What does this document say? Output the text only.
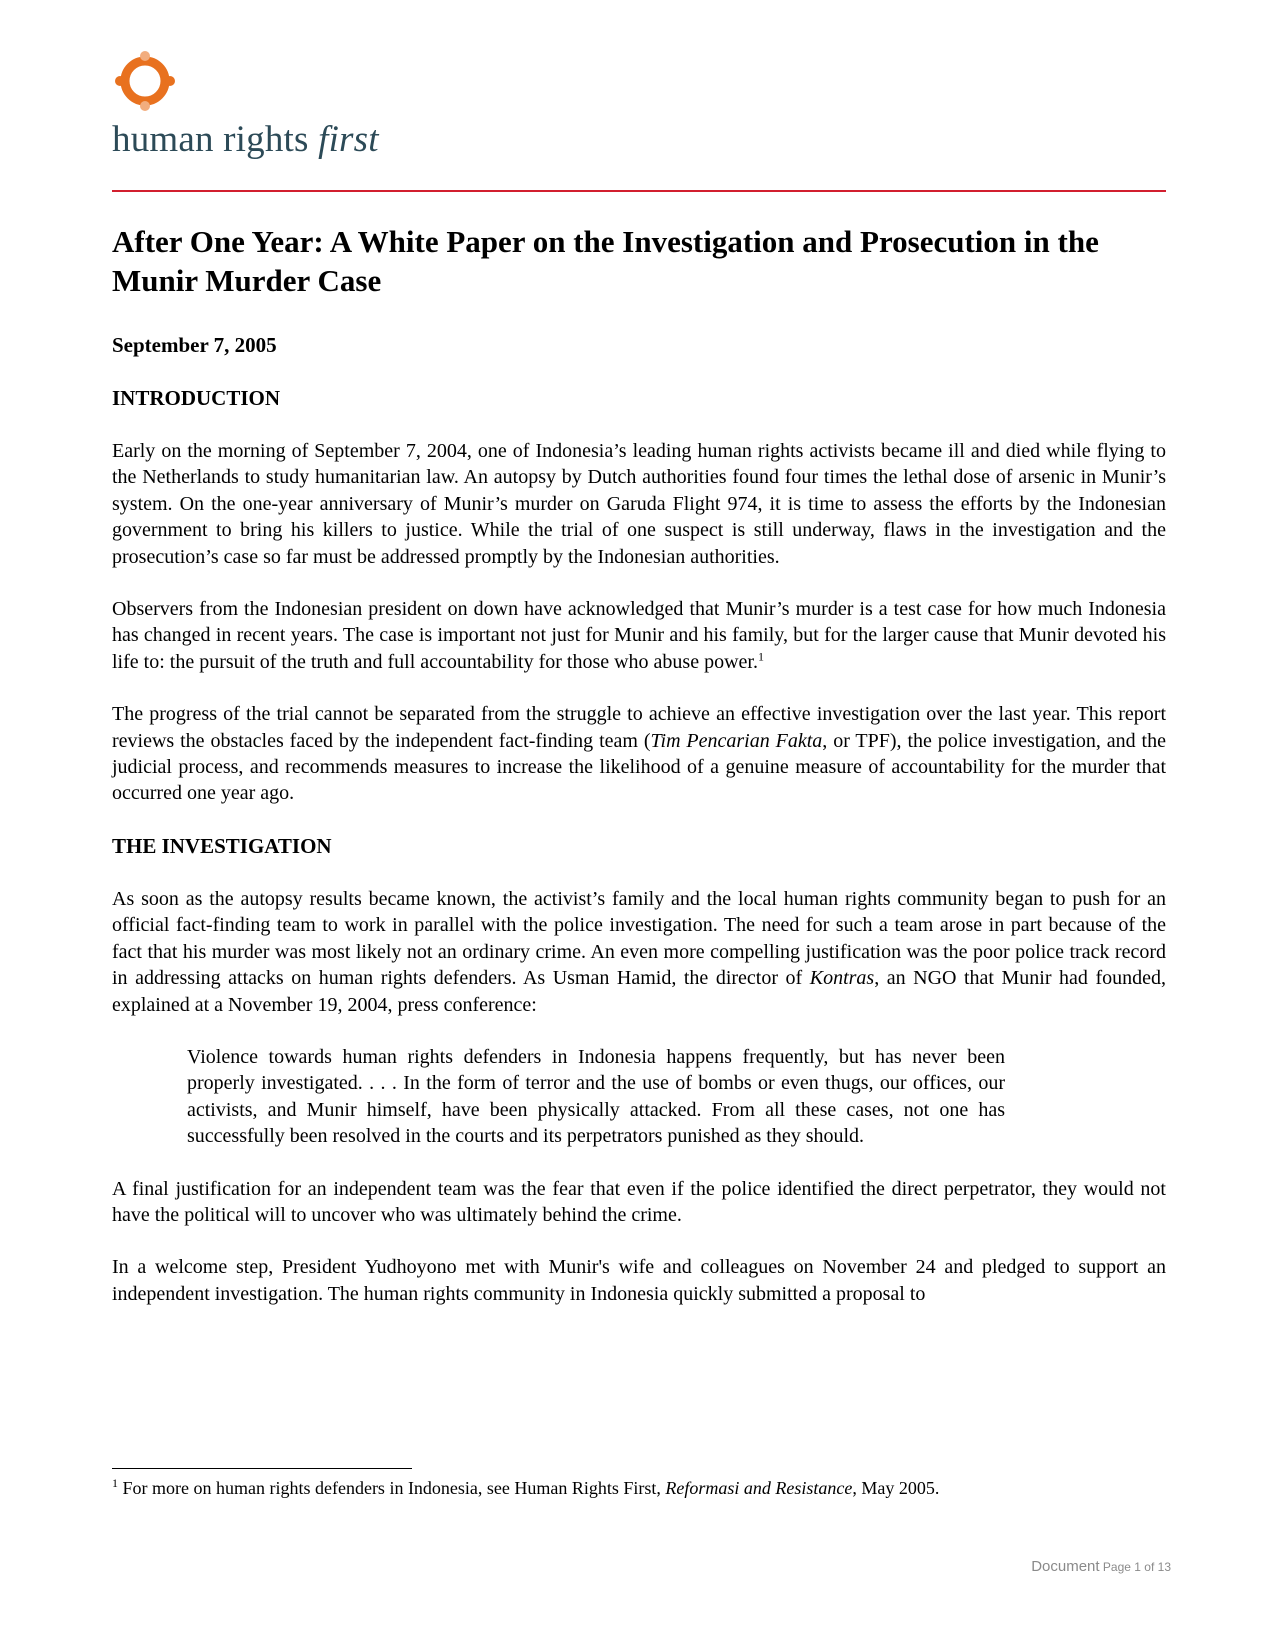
human rights first
After One Year: A White Paper on the Investigation and Prosecution in the Munir Murder Case
September 7, 2005
INTRODUCTION

Early on the morning of September 7, 2004, one of Indonesia’s leading human rights activists became ill and died while flying to the Netherlands to study humanitarian law. An autopsy by Dutch authorities found four times the lethal dose of arsenic in Munir’s system. On the one-year anniversary of Munir’s murder on Garuda Flight 974, it is time to assess the efforts by the Indonesian government to bring his killers to justice. While the trial of one suspect is still underway, flaws in the investigation and the prosecution’s case so far must be addressed promptly by the Indonesian authorities.

Observers from the Indonesian president on down have acknowledged that Munir’s murder is a test case for how much Indonesia has changed in recent years. The case is important not just for Munir and his family, but for the larger cause that Munir devoted his life to: the pursuit of the truth and full accountability for those who abuse power.$^1$

The progress of the trial cannot be separated from the struggle to achieve an effective investigation over the last year. This report reviews the obstacles faced by the independent fact-finding team (Tim Pencarian Fakta, or TPF), the police investigation, and the judicial process, and recommends measures to increase the likelihood of a genuine measure of accountability for the murder that occurred one year ago.

THE INVESTIGATION

As soon as the autopsy results became known, the activist’s family and the local human rights community began to push for an official fact-finding team to work in parallel with the police investigation. The need for such a team arose in part because of the fact that his murder was most likely not an ordinary crime. An even more compelling justification was the poor police track record in addressing attacks on human rights defenders. As Usman Hamid, the director of Kontras, an NGO that Munir had founded, explained at a November 19, 2004, press conference:

Violence towards human rights defenders in Indonesia happens frequently, but has never been properly investigated. . . . In the form of terror and the use of bombs or even thugs, our offices, our activists, and Munir himself, have been physically attacked. From all these cases, not one has successfully been resolved in the courts and its perpetrators punished as they should.

A final justification for an independent team was the fear that even if the police identified the direct perpetrator, they would not have the political will to uncover who was ultimately behind the crime.

In a welcome step, President Yudhoyono met with Munir's wife and colleagues on November 24 and pledged to support an independent investigation. The human rights community in Indonesia quickly submitted a proposal to

$^1$ For more on human rights defenders in Indonesia, see Human Rights First, Reformasi and Resistance, May 2005.
Document Page 1 of 13
